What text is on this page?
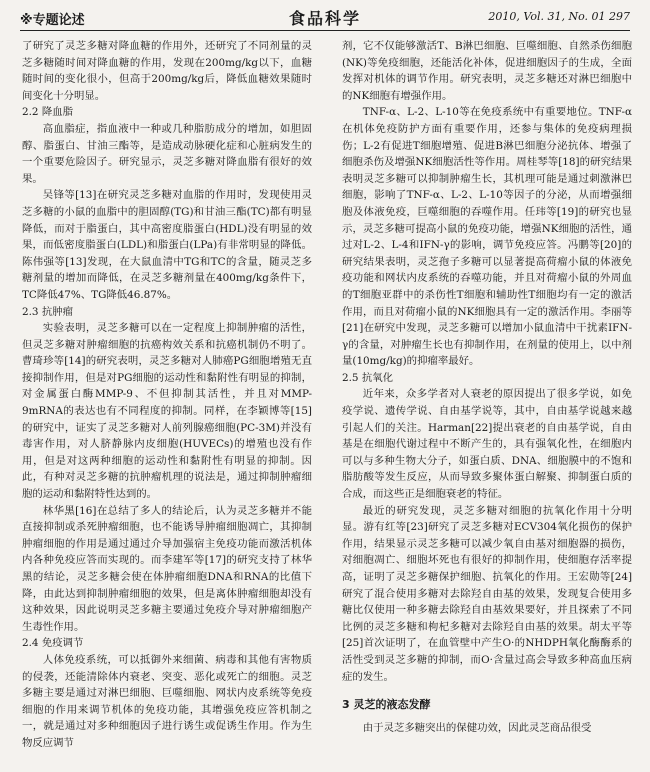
※专题论述	食品科学	2010, Vol. 31, No. 01 297

了研究了灵芝多糖对降血糖的作用外，还研究了不同剂量的灵芝多糖随时间对降血糖的作用，发现在200mg/kg以下，血糖随时间的变化很小，但高于200mg/kg后，降低血糖效果随时间变化十分明显。

2.2 降血脂

高血脂症，指血液中一种或几种脂肪成分的增加，如胆固醇、脂蛋白、甘油三酯等，是造成动脉硬化症和心脏病发生的一个重要危险因子。研究显示，灵芝多糖对降血脂有很好的效果。

吴锋等[13]在研究灵芝多糖对血脂的作用时，发现使用灵芝多糖的小鼠的血脂中的胆固醇(TG)和甘油三酯(TC)都有明显降低，而对于脂蛋白，其中高密度脂蛋白(HDL)没有明显的效果，而低密度脂蛋白(LDL)和脂蛋白(LPa)有非常明显的降低。陈伟强等[13]发现，在大鼠血清中TG和TC的含量，随灵芝多糖剂量的增加而降低，在灵芝多糖剂量在400mg/kg条件下，TC降低47%、TG降低46.87%。

2.3 抗肿瘤

实验表明，灵芝多糖可以在一定程度上抑制肿瘤的活性，但灵芝多糖对肿瘤细胞的抗癌构效关系和抗癌机制仍不明了。曹琦珍等[14]的研究表明，灵芝多糖对人肺癌PG细胞增殖无直接抑制作用，但是对PG细胞的运动性和黏附性有明显的抑制，对金属蛋白酶MMP-9、不但抑制其活性，并且对MMP-9mRNA的表达也有不同程度的抑制。同样，在李颖博等[15]的研究中，证实了灵芝多糖对人前列腺癌细胞(PC-3M)并没有毒害作用，对人脐静脉内皮细胞(HUVECs)的增殖也没有作用，但是对这两种细胞的运动性和黏附性有明显的抑制。因此，有种对灵芝多糖的抗肿瘤机理的说法是，通过抑制肿瘤细胞的运动和黏附特性达到的。

林华黑[16]在总结了多人的结论后，认为灵芝多糖并不能直接抑制或杀死肿瘤细胞，也不能诱导肿瘤细胞凋亡，其抑制肿瘤细胞的作用是通过通过介导加强宿主免疫功能而激活机体内各种免疫应答而实现的。而李建军等[17]的研究支持了林华黑的结论，灵芝多糖会使在体肿瘤细胞DNA和RNA的比值下降，由此达到抑制肿瘤细胞的效果，但是离体肿瘤细胞却没有这种效果，因此说明灵芝多糖主要通过免疫介导对肿瘤细胞产生毒性作用。

2.4 免疫调节

人体免疫系统，可以抵御外来细菌、病毒和其他有害物质的侵袭，还能清除体内衰老、突变、恶化或死亡的细胞。灵芝多糖主要是通过对淋巴细胞、巨噬细胞、网状内皮系统等免疫细胞的作用来调节机体的免疫功能，其增强免疫应答机制之一，就是通过对多种细胞因子进行诱生或促诱生作用。作为生物反应调节

剂，它不仅能够激活T、B淋巴细胞、巨噬细胞、自然杀伤细胞(NK)等免疫细胞，还能活化补体，促进细胞因子的生成，全面发挥对机体的调节作用。研究表明，灵芝多糖还对淋巴细胞中的NK细胞有增强作用。

TNF-α、L-2、L-10等在免疫系统中有重要地位。TNF-α在机体免疫防护方面有重要作用，还参与集体的免疫病理损伤；L-2有促进T细胞增殖、促进B淋巴细胞分泌抗体、增强了细胞杀伤及增强NK细胞活性等作用。周桂琴等[18]的研究结果表明灵芝多糖可以抑制肿瘤生长，其机理可能是通过刺激淋巴细胞，影响了TNF-α、L-2、L-10等因子的分泌，从而增强细胞及体液免疫，巨噬细胞的吞噬作用。任玮等[19]的研究也显示，灵芝多糖可提高小鼠的免疫功能，增强NK细胞的活性，通过对L-2、L-4和IFN-γ的影响，调节免疫应答。冯鹏等[20]的研究结果表明，灵芝孢子多糖可以显著提高荷瘤小鼠的体液免疫功能和网状内皮系统的吞噬功能，并且对荷瘤小鼠的外周血的T细胞亚群中的杀伤性T细胞和辅助性T细胞均有一定的激活作用，而且对荷瘤小鼠的NK细胞具有一定的激活作用。李丽等[21]在研究中发现，灵芝多糖可以增加小鼠血清中干扰素IFN-γ的含量，对肿瘤生长也有抑制作用，在剂量的使用上，以中剂量(10mg/kg)的抑瘤率最好。

2.5 抗氧化

近年来，众多学者对人衰老的原因提出了很多学说，如免疫学说、遗传学说、自由基学说等，其中，自由基学说越来越引起人们的关注。Harman[22]提出衰老的自由基学说，自由基是在细胞代谢过程中不断产生的，具有强氧化性，在细胞内可以与多种生物大分子，如蛋白质、DNA、细胞膜中的不饱和脂肪酸等发生反应，从而导致多聚体蛋白解聚、抑制蛋白质的合成，而这些正是细胞衰老的特征。

最近的研究发现，灵芝多糖对细胞的抗氧化作用十分明显。游有红等[23]研究了灵芝多糖对ECV304氧化损伤的保护作用，结果显示灵芝多糖可以减少氧自由基对细胞器的损伤，对细胞凋亡、细胞坏死也有很好的抑制作用，使细胞存活率提高，证明了灵芝多糖保护细胞、抗氧化的作用。王宏勋等[24]研究了混合使用多糖对去除羟自由基的效果，发现复合使用多糖比仅使用一种多糖去除羟自由基效果要好，并且探索了不同比例的灵芝多糖和枸杞多糖对去除羟自由基的效果。胡太平等[25]首次证明了，在血管壁中产生O·的NHDPH氧化酶酶系的活性受到灵芝多糖的抑制，而O·含量过高会导致多种高血压病症的发生。

3 灵芝的液态发酵

由于灵芝多糖突出的保健功效，因此灵芝商品很受
